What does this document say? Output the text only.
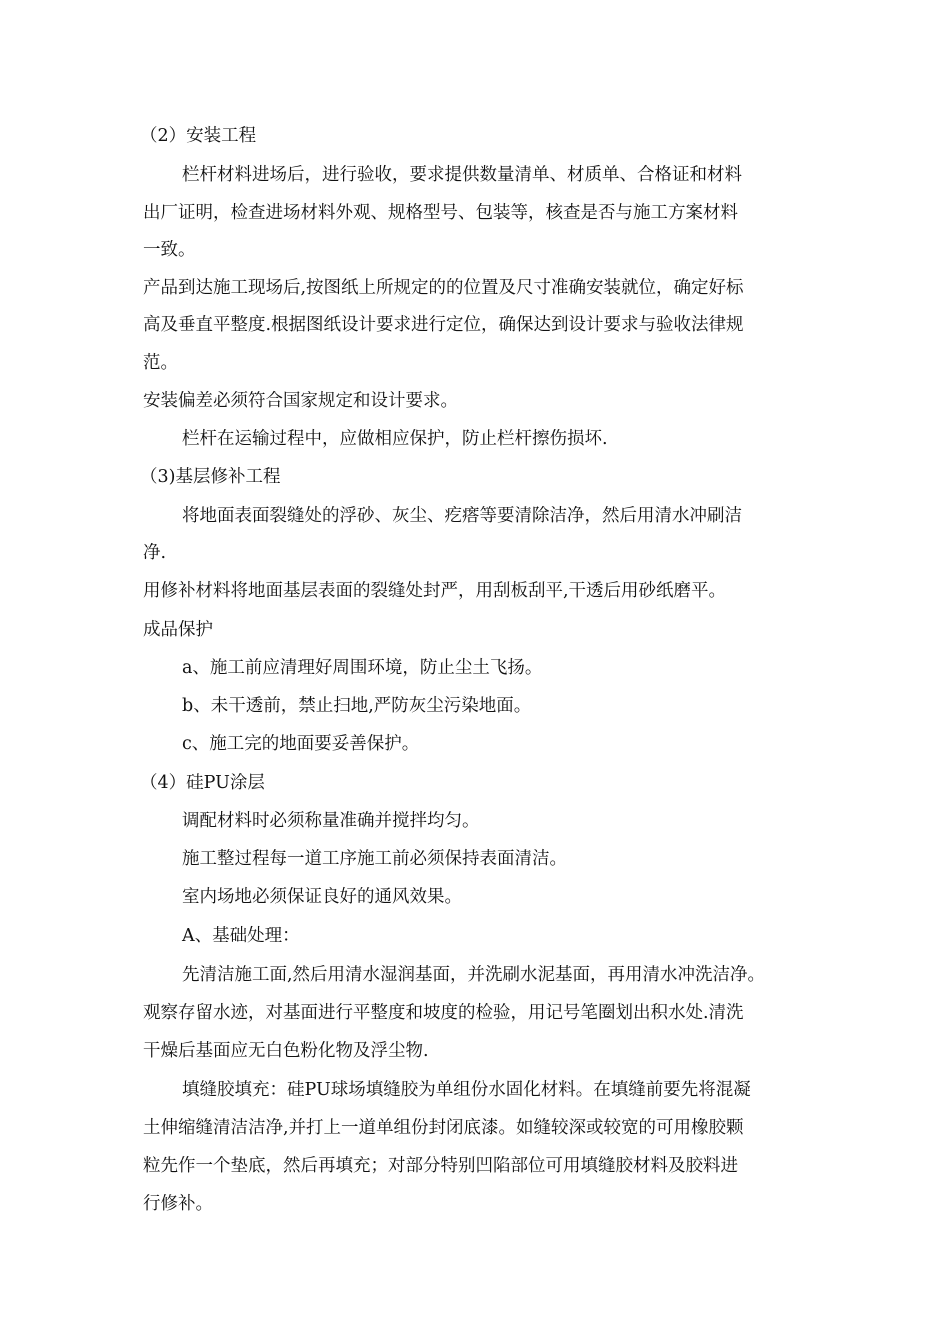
（2）安装工程

栏杆材料进场后，进行验收，要求提供数量清单、材质单、合格证和材料

出厂证明，检查进场材料外观、规格型号、包装等，核查是否与施工方案材料

一致。

产品到达施工现场后,按图纸上所规定的的位置及尺寸准确安装就位，确定好标

高及垂直平整度.根据图纸设计要求进行定位，确保达到设计要求与验收法律规

范。

安装偏差必须符合国家规定和设计要求。

栏杆在运输过程中，应做相应保护，防止栏杆擦伤损坏.

（3)基层修补工程

将地面表面裂缝处的浮砂、灰尘、疙瘩等要清除洁净，然后用清水冲刷洁

净.

用修补材料将地面基层表面的裂缝处封严，用刮板刮平,干透后用砂纸磨平。

成品保护

a、施工前应清理好周围环境，防止尘土飞扬。

b、未干透前，禁止扫地,严防灰尘污染地面。

c、施工完的地面要妥善保护。

（4）硅PU涂层

调配材料时必须称量准确并搅拌均匀。

施工整过程每一道工序施工前必须保持表面清洁。

室内场地必须保证良好的通风效果。

A、基础处理：

先清洁施工面,然后用清水湿润基面，并洗刷水泥基面，再用清水冲洗洁净。

观察存留水迹，对基面进行平整度和坡度的检验，用记号笔圈划出积水处.清洗

干燥后基面应无白色粉化物及浮尘物.

填缝胶填充：硅PU球场填缝胶为单组份水固化材料。在填缝前要先将混凝

土伸缩缝清洁洁净,并打上一道单组份封闭底漆。如缝较深或较宽的可用橡胶颗

粒先作一个垫底，然后再填充；对部分特别凹陷部位可用填缝胶材料及胶料进

行修补。
